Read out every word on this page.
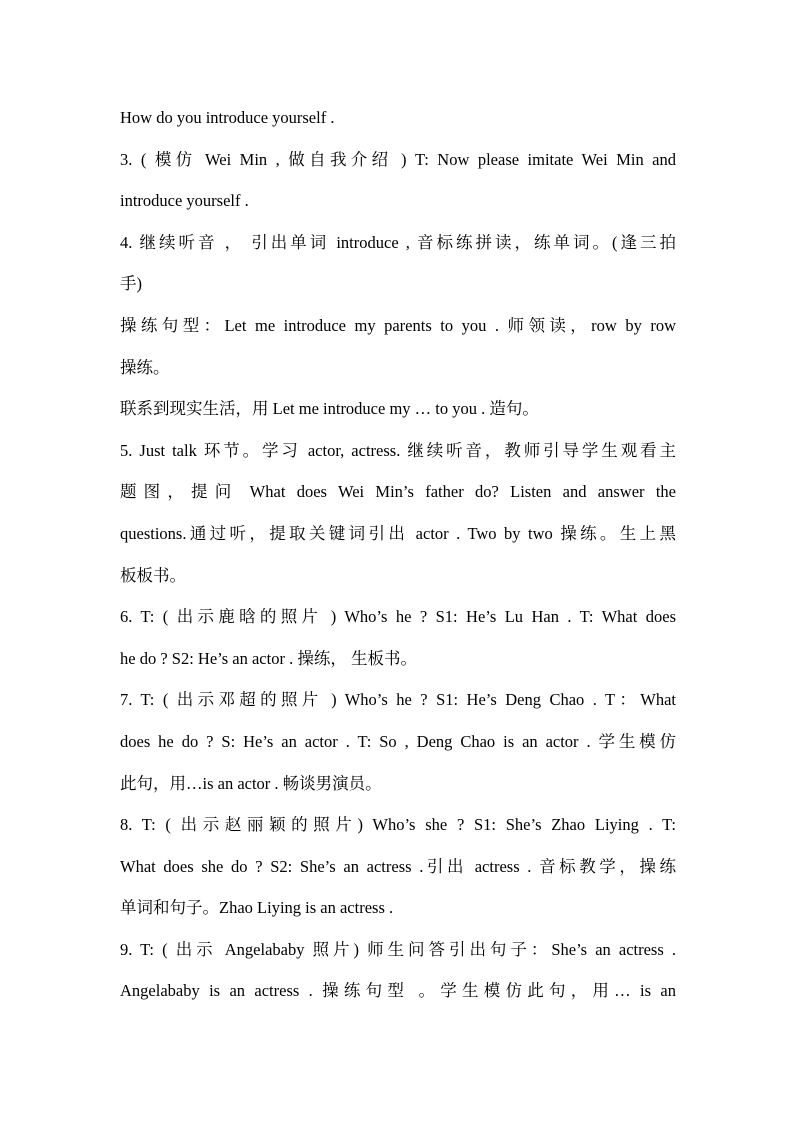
How do you introduce yourself .
3. ( 模仿 Wei Min , 做自我介绍 ) T: Now please imitate Wei Min and
introduce yourself .
4. 继续听音 ， 引出单词 introduce , 音标练拼读，练单词。(逢三拍
手)
操练句型：Let me introduce my parents to you . 师领读，row by row
操练。
联系到现实生活，用 Let me introduce my … to you . 造句。
5. Just talk 环节。学习 actor, actress. 继续听音，教师引导学生观看主
题图，提问 What does Wei Min’s father do? Listen and answer the
questions.通过听，提取关键词引出 actor . Two by two 操练。生上黑
板板书。
6. T: ( 出示鹿晗的照片 ) Who’s he ? S1: He’s Lu Han . T: What does
he do ? S2: He’s an actor . 操练， 生板书。
7. T: ( 出示邓超的照片 ) Who’s he ? S1: He’s Deng Chao . T：What
does he do ? S: He’s an actor . T: So , Deng Chao is an actor . 学生模仿
此句，用…is an actor . 畅谈男演员。
8. T: ( 出示赵丽颖的照片) Who’s she ? S1: She’s Zhao Liying . T:
What does she do ? S2: She’s an actress .引出 actress . 音标教学，操练
单词和句子。Zhao Liying is an actress .
9. T: ( 出示 Angelababy 照片) 师生问答引出句子：She’s an actress .
Angelababy is an actress . 操练句型 。学生模仿此句，用… is an
